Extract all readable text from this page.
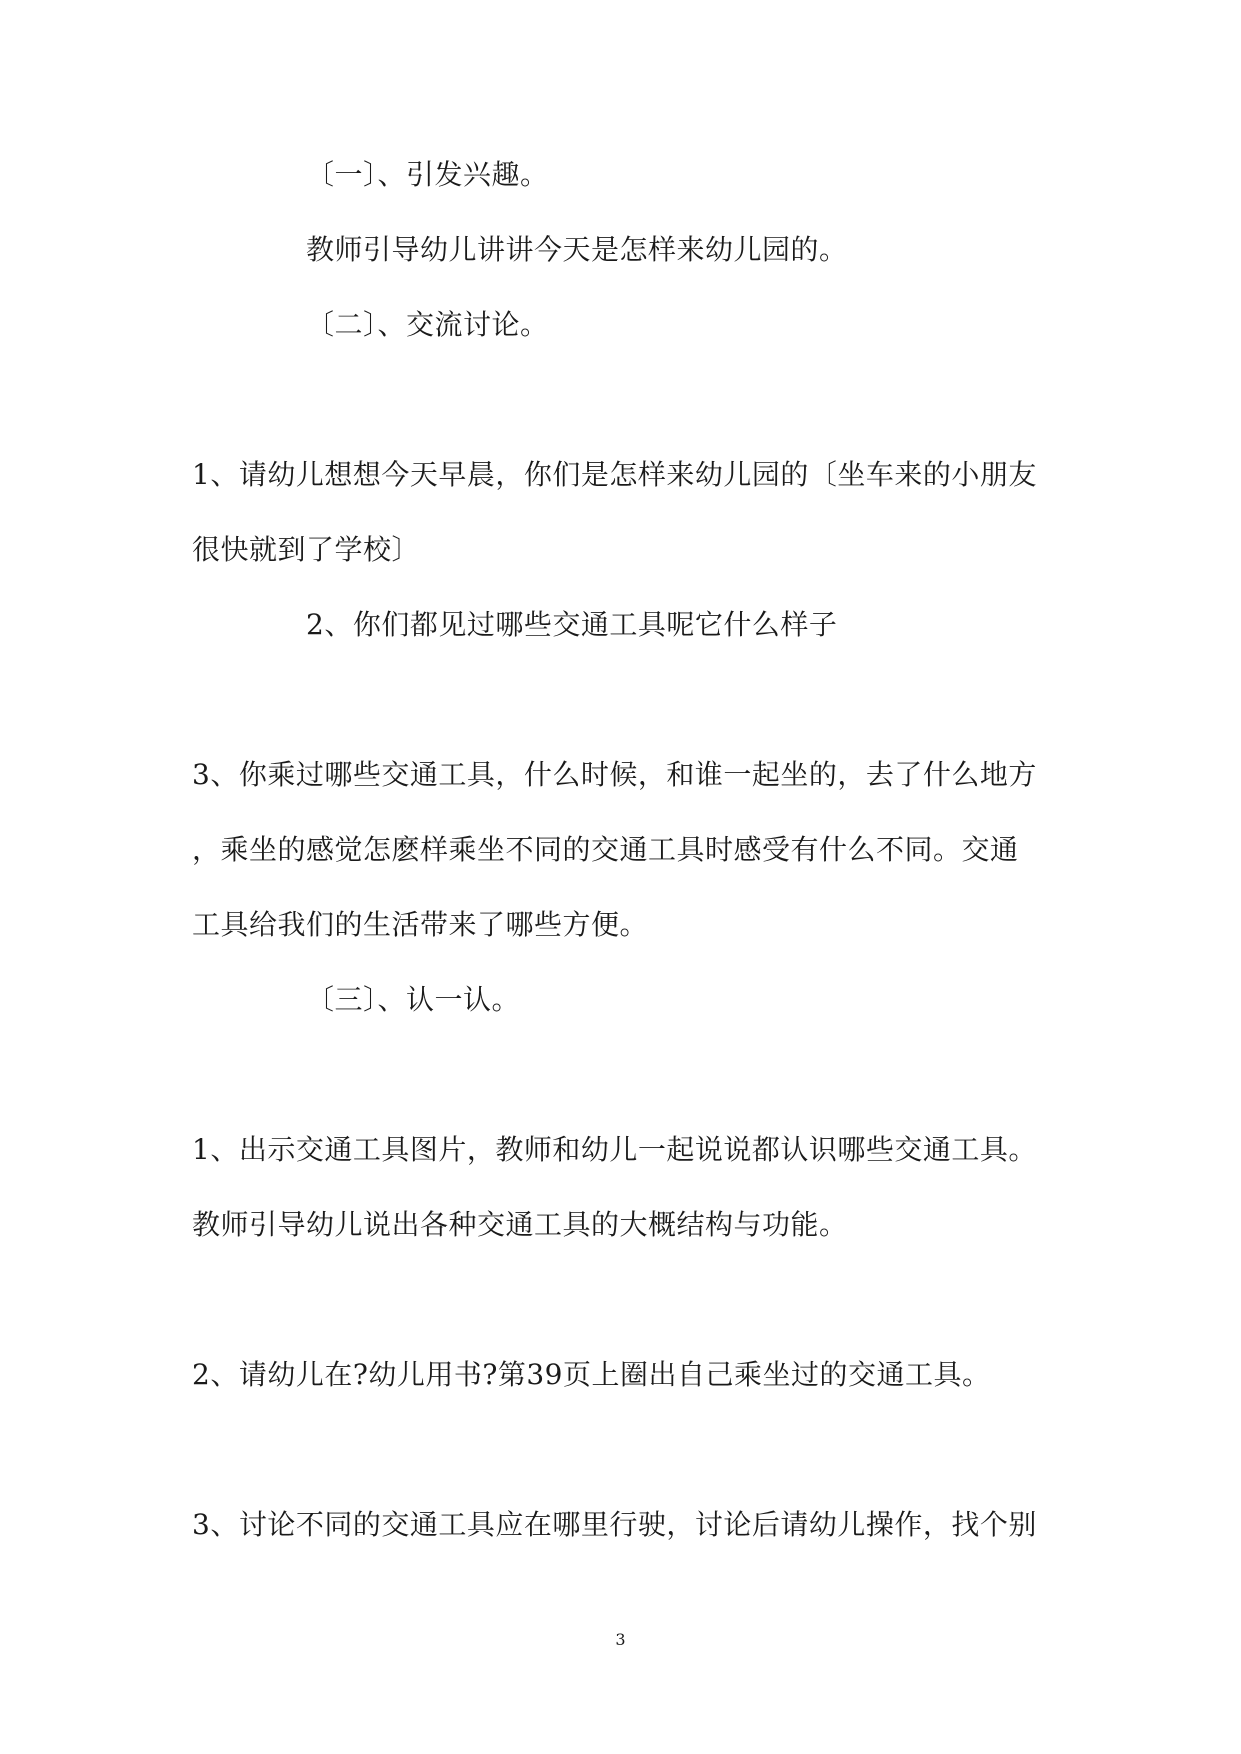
〔一〕、引发兴趣。
教师引导幼儿讲讲今天是怎样来幼儿园的。
〔二〕、交流讨论。
1、请幼儿想想今天早晨，你们是怎样来幼儿园的〔坐车来的小朋友
很快就到了学校〕
2、你们都见过哪些交通工具呢它什么样子
3、你乘过哪些交通工具，什么时候，和谁一起坐的，去了什么地方
，乘坐的感觉怎麽样乘坐不同的交通工具时感受有什么不同。交通
工具给我们的生活带来了哪些方便。
〔三〕、认一认。
1、出示交通工具图片，教师和幼儿一起说说都认识哪些交通工具。
教师引导幼儿说出各种交通工具的大概结构与功能。
2、请幼儿在?幼儿用书?第39页上圈出自己乘坐过的交通工具。
3、讨论不同的交通工具应在哪里行驶，讨论后请幼儿操作，找个别
3
